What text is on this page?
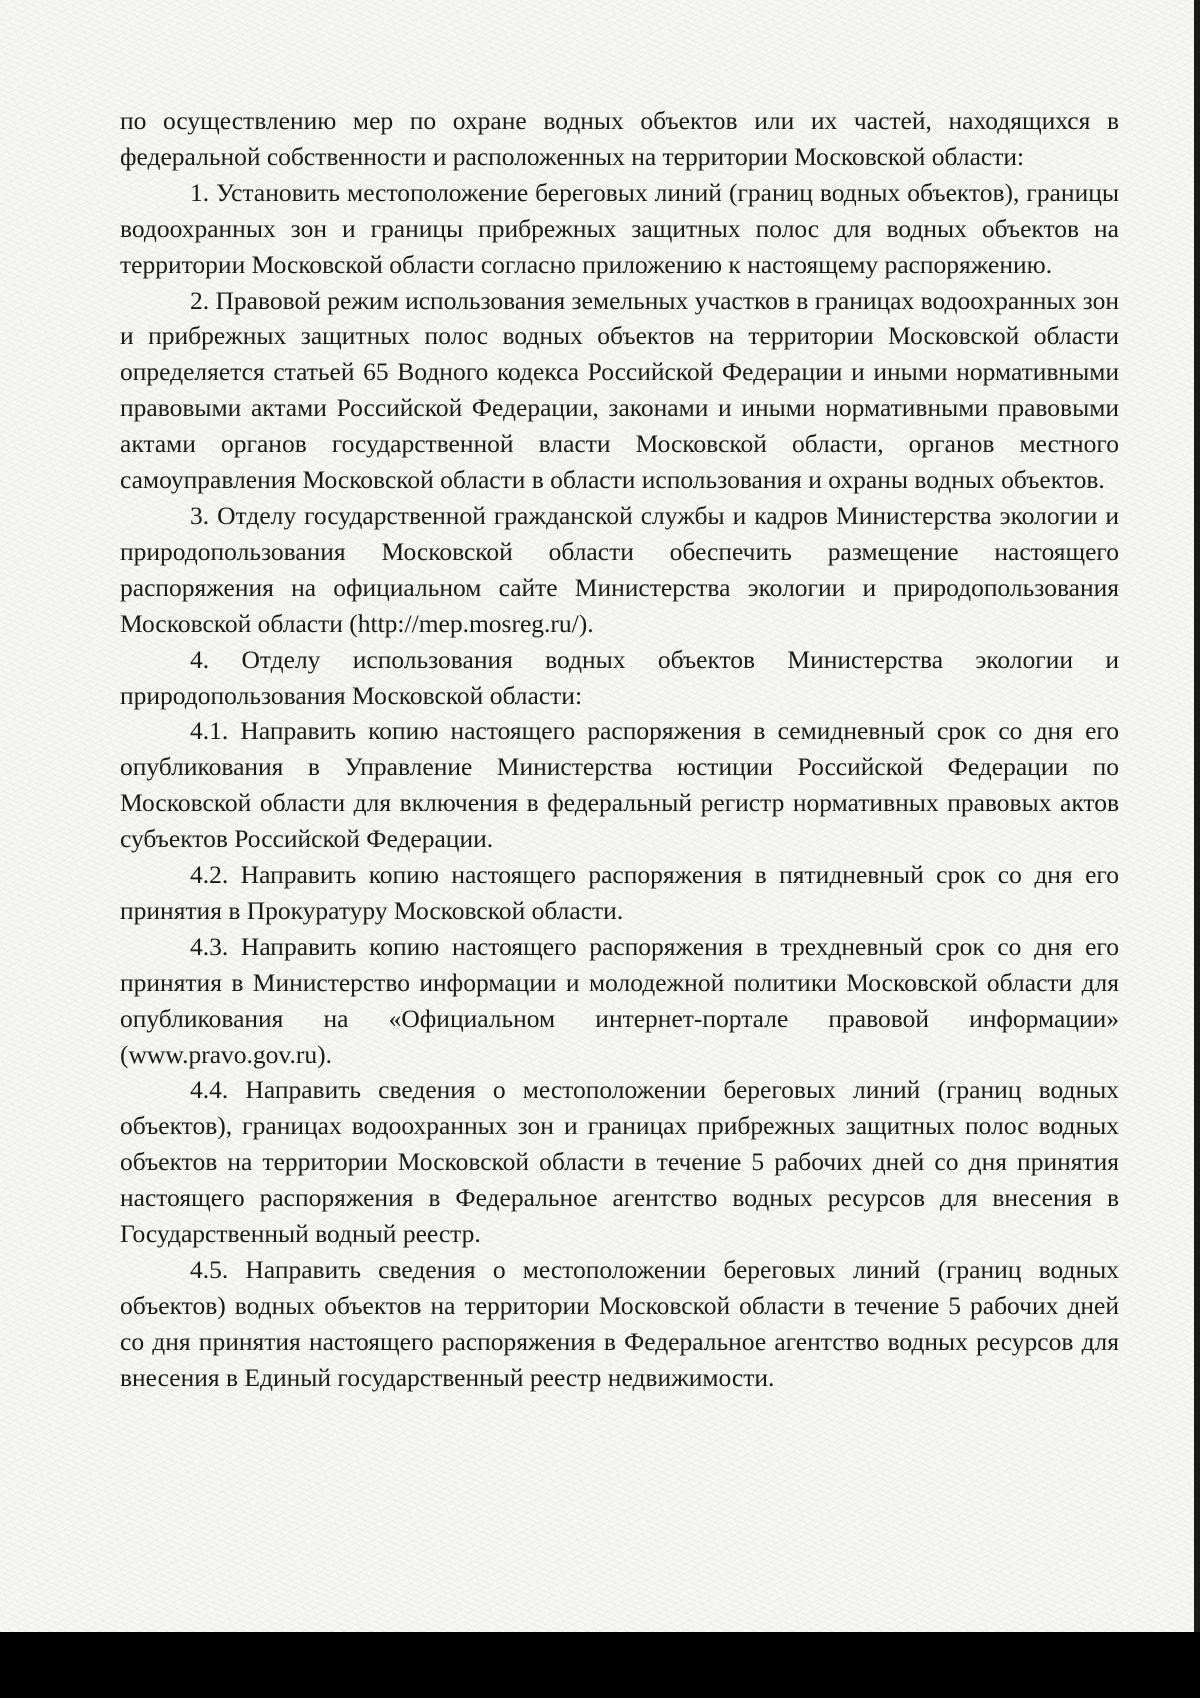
по осуществлению мер по охране водных объектов или их частей, находящихся в федеральной собственности и расположенных на территории Московской области:

1. Установить местоположение береговых линий (границ водных объектов), границы водоохранных зон и границы прибрежных защитных полос для водных объектов на территории Московской области согласно приложению к настоящему распоряжению.

2. Правовой режим использования земельных участков в границах водоохранных зон и прибрежных защитных полос водных объектов на территории Московской области определяется статьей 65 Водного кодекса Российской Федерации и иными нормативными правовыми актами Российской Федерации, законами и иными нормативными правовыми актами органов государственной власти Московской области, органов местного самоуправления Московской области в области использования и охраны водных объектов.

3. Отделу государственной гражданской службы и кадров Министерства экологии и природопользования Московской области обеспечить размещение настоящего распоряжения на официальном сайте Министерства экологии и природопользования Московской области (http://mep.mosreg.ru/).

4. Отделу использования водных объектов Министерства экологии и природопользования Московской области:

4.1. Направить копию настоящего распоряжения в семидневный срок со дня его опубликования в Управление Министерства юстиции Российской Федерации по Московской области для включения в федеральный регистр нормативных правовых актов субъектов Российской Федерации.

4.2. Направить копию настоящего распоряжения в пятидневный срок со дня его принятия в Прокуратуру Московской области.

4.3. Направить копию настоящего распоряжения в трехдневный срок со дня его принятия в Министерство информации и молодежной политики Московской области для опубликования на «Официальном интернет-портале правовой информации» (www.pravo.gov.ru).

4.4. Направить сведения о местоположении береговых линий (границ водных объектов), границах водоохранных зон и границах прибрежных защитных полос водных объектов на территории Московской области в течение 5 рабочих дней со дня принятия настоящего распоряжения в Федеральное агентство водных ресурсов для внесения в Государственный водный реестр.

4.5. Направить сведения о местоположении береговых линий (границ водных объектов) водных объектов на территории Московской области в течение 5 рабочих дней со дня принятия настоящего распоряжения в Федеральное агентство водных ресурсов для внесения в Единый государственный реестр недвижимости.
